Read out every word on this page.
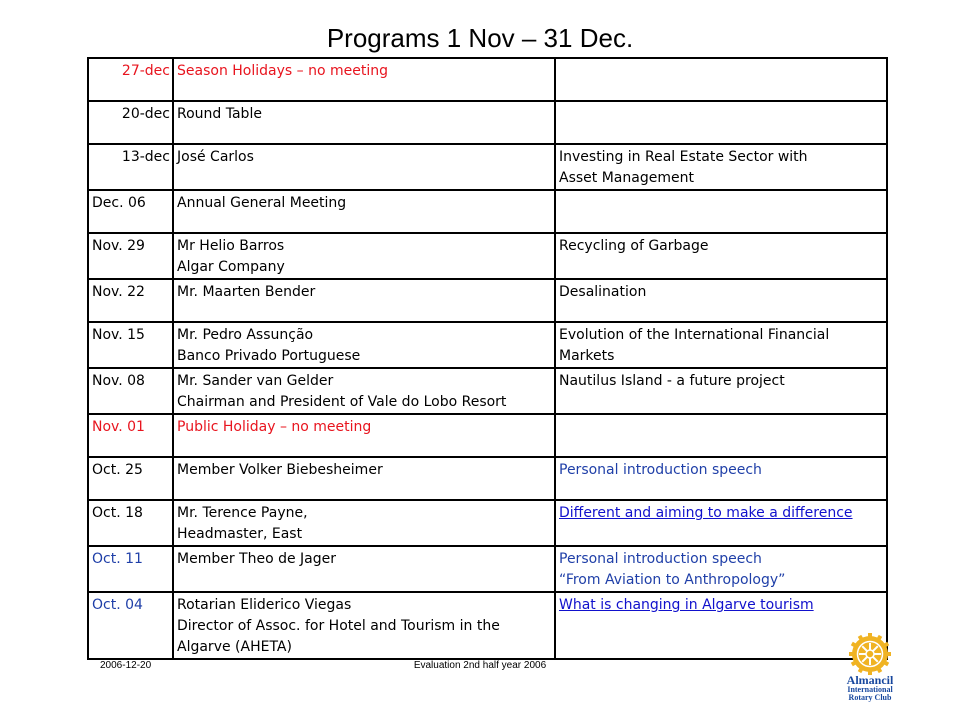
Programs 1 Nov – 31 Dec.
27-dec	Season Holidays – no meeting	

20-dec	Round Table	

13-dec	José Carlos	Investing in Real Estate Sector with
Asset Management

Dec. 06	Annual General Meeting	

Nov. 29	Mr Helio Barros
Algar Company	Recycling of Garbage

Nov. 22	Mr. Maarten Bender	Desalination

Nov. 15	Mr. Pedro Assunção
Banco Privado Portuguese	Evolution of the International Financial
Markets

Nov. 08	Mr. Sander van Gelder
Chairman and President of Vale do Lobo Resort	Nautilus Island - a future project

Nov. 01	Public Holiday – no meeting	

Oct. 25	Member Volker Biebesheimer	Personal introduction speech

Oct. 18	Mr. Terence Payne,
Headmaster, East	Different and aiming to make a difference

Oct. 11	Member Theo de Jager	Personal introduction speech
“From Aviation to Anthropology”

Oct. 04	Rotarian Eliderico Viegas
Director of Assoc. for Hotel and Tourism in the
Algarve (AHETA)	What is changing in Algarve tourism
2006-12-20	Evaluation 2nd half year 2006
Almancil
International
Rotary Club
